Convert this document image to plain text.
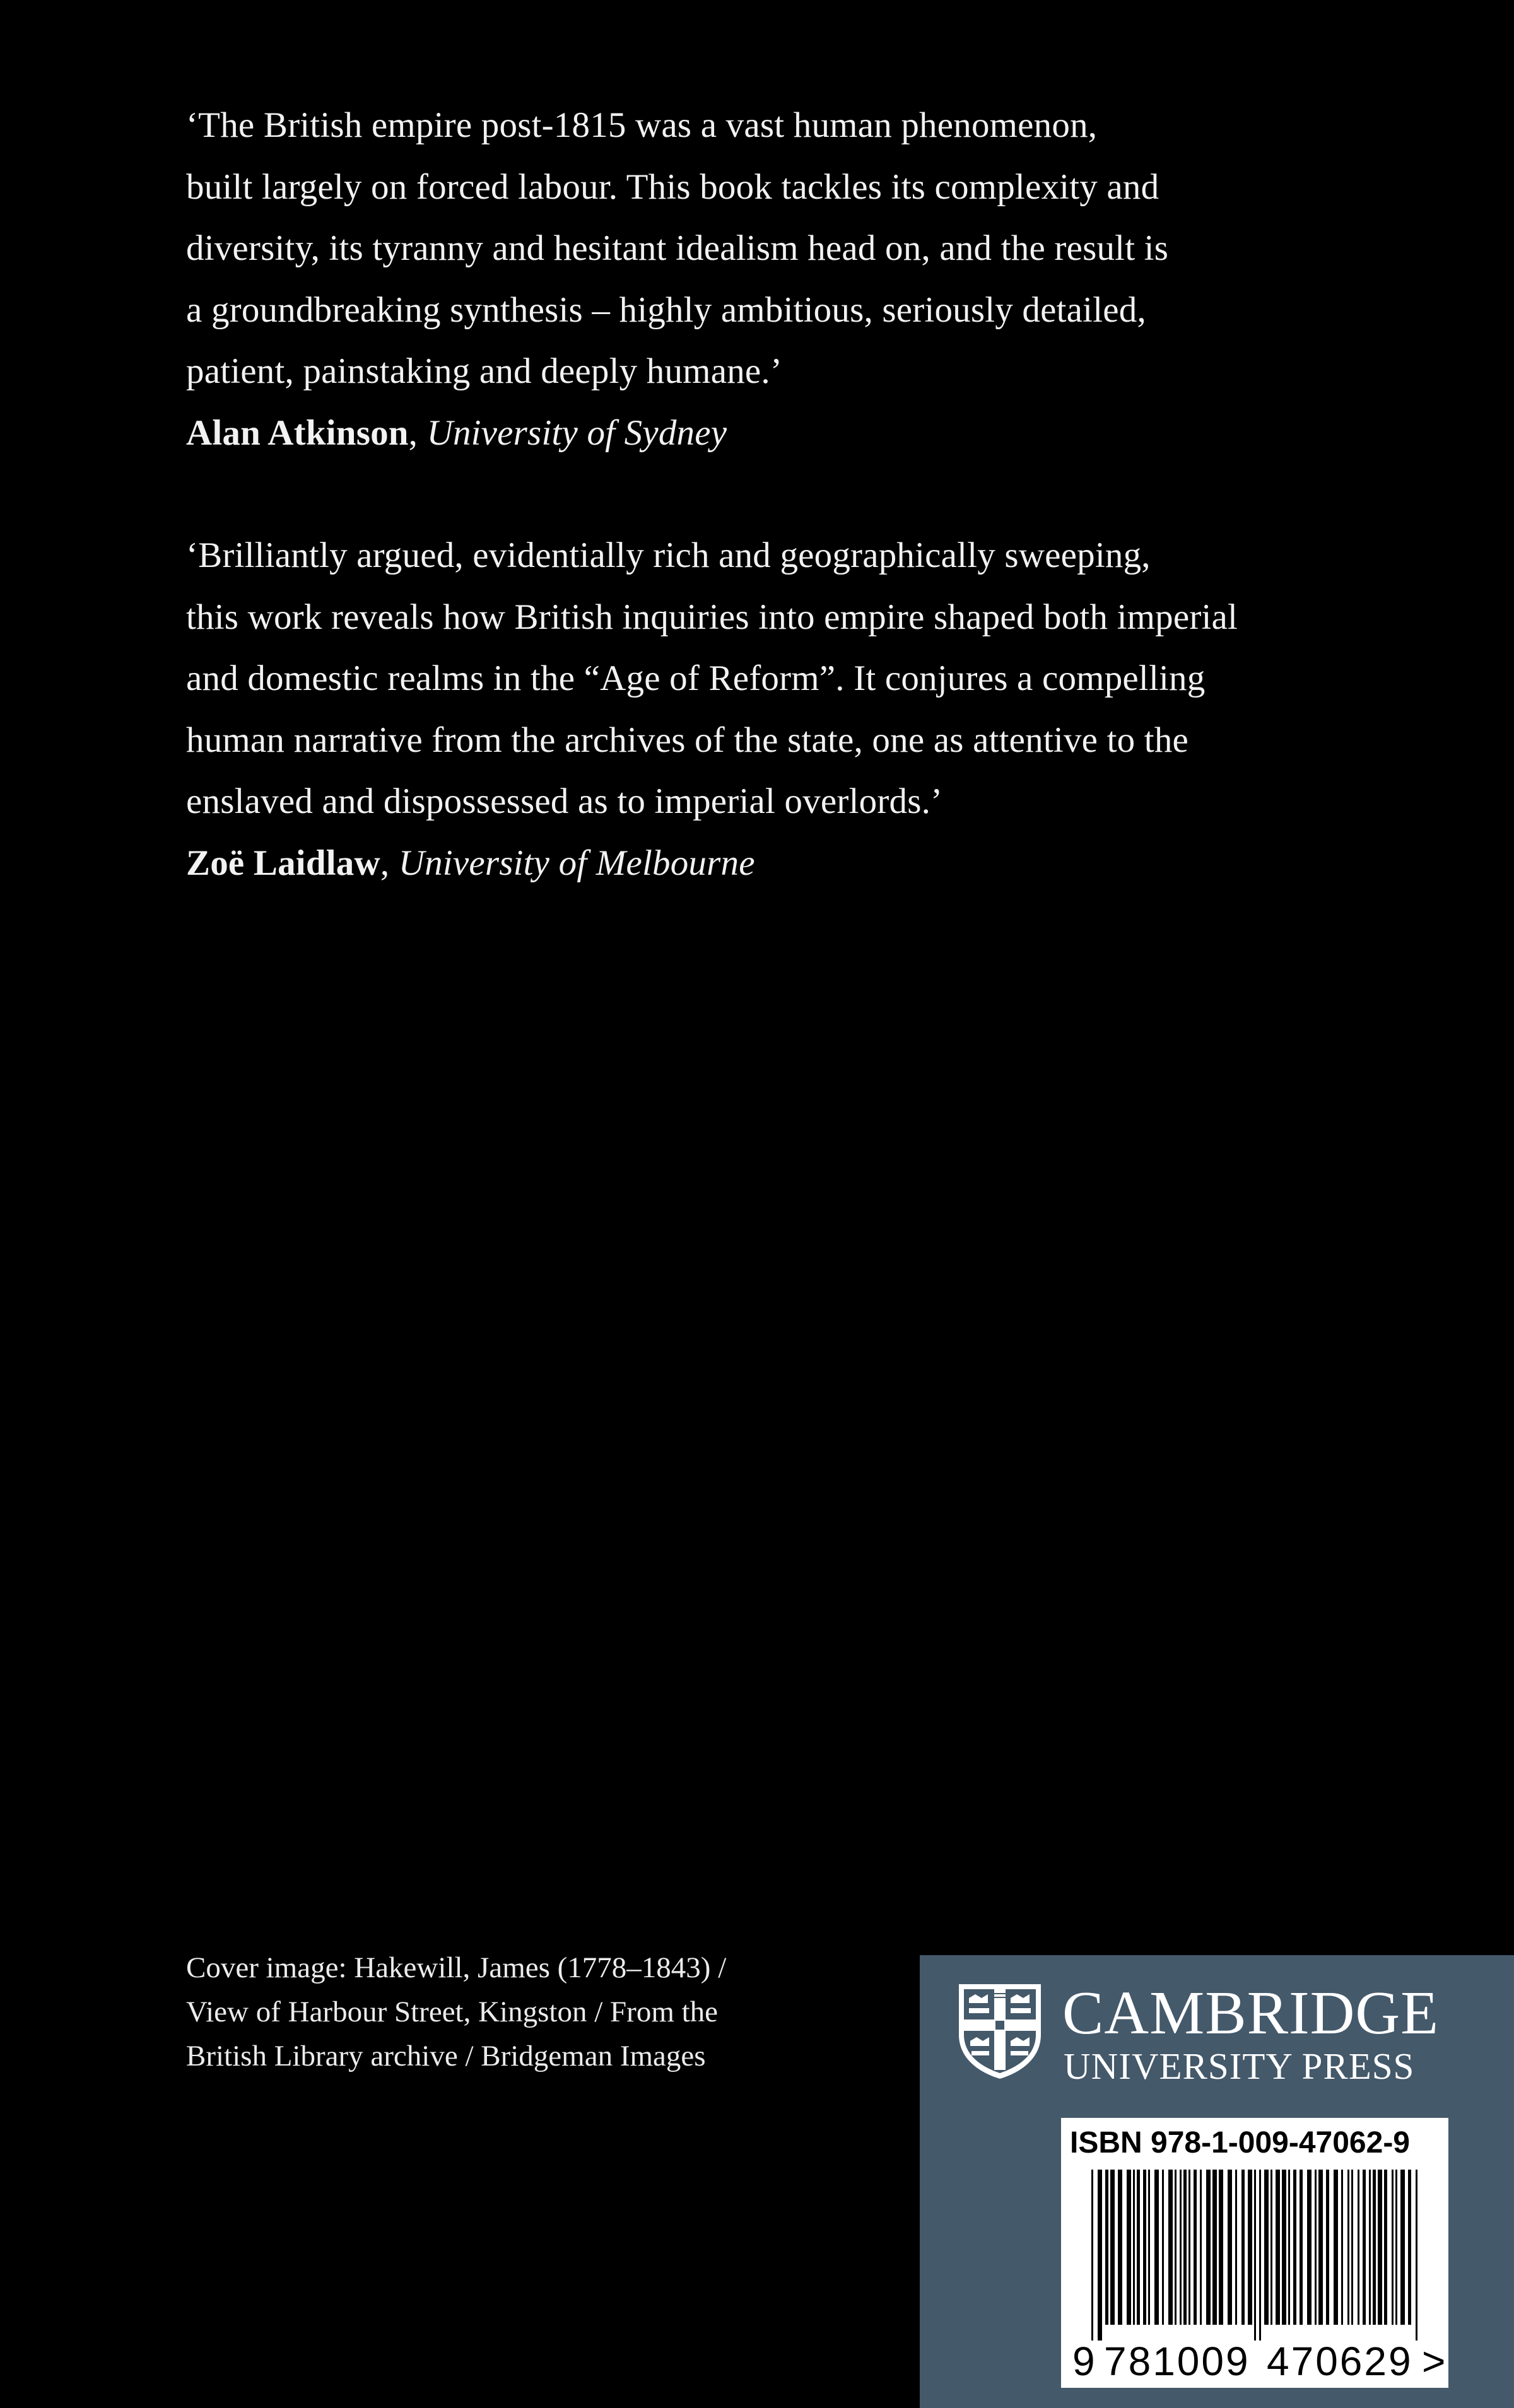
‘The British empire post-1815 was a vast human phenomenon,
built largely on forced labour. This book tackles its complexity and
diversity, its tyranny and hesitant idealism head on, and the result is
a groundbreaking synthesis – highly ambitious, seriously detailed,
patient, painstaking and deeply humane.’
Alan Atkinson, University of Sydney
‘Brilliantly argued, evidentially rich and geographically sweeping,
this work reveals how British inquiries into empire shaped both imperial
and domestic realms in the “Age of Reform”. It conjures a compelling
human narrative from the archives of the state, one as attentive to the
enslaved and dispossessed as to imperial overlords.’
Zoë Laidlaw, University of Melbourne
Cover image: Hakewill, James (1778–1843) /
View of Harbour Street, Kingston / From the
British Library archive / Bridgeman Images
CAMBRIDGE
UNIVERSITY PRESS
ISBN 978-1-009-47062-9
9 781009 470629 >
